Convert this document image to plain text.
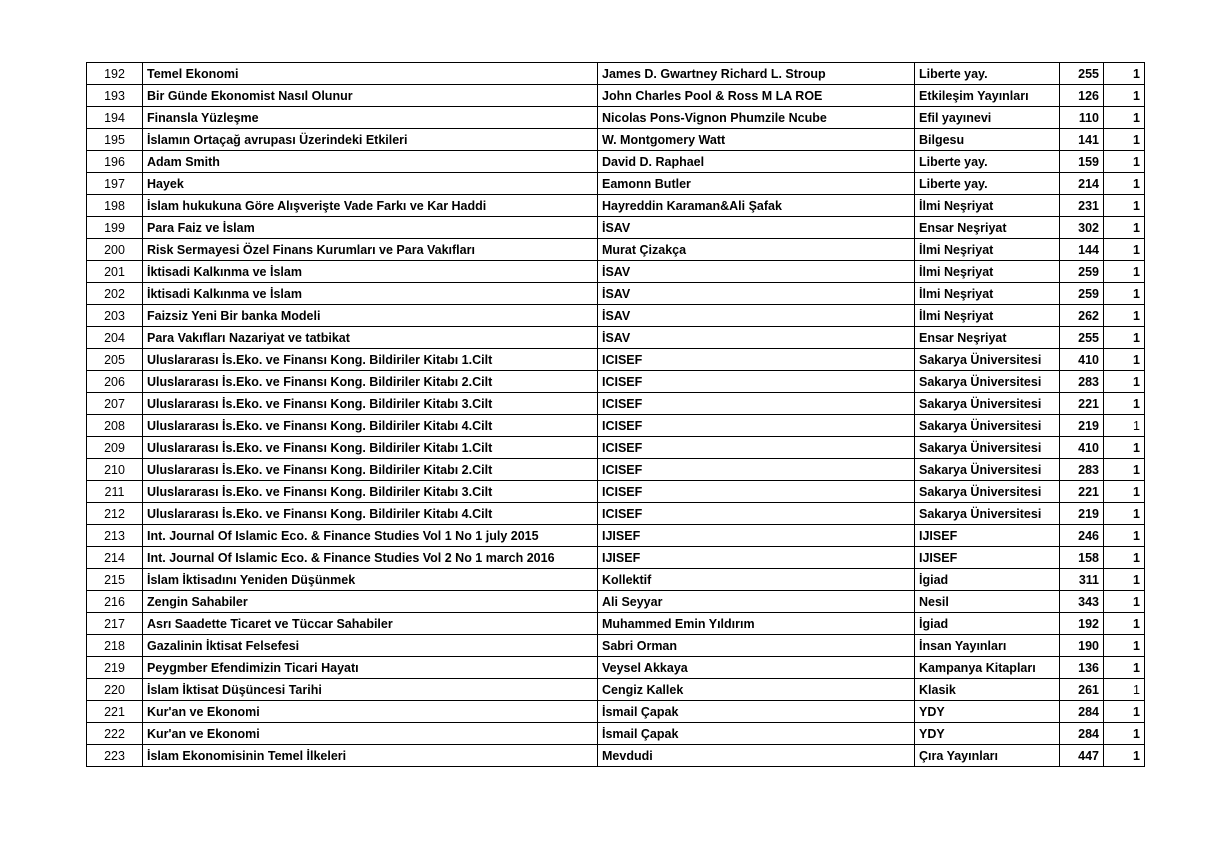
192	Temel Ekonomi	James D. Gwartney Richard L. Stroup	Liberte yay.	255	1
193	Bir Günde Ekonomist Nasıl Olunur	John Charles Pool & Ross M LA ROE	Etkileşim Yayınları	126	1
194	Finansla Yüzleşme	Nicolas Pons-Vignon Phumzile Ncube	Efil yayınevi	110	1
195	İslamın Ortaçağ avrupası Üzerindeki Etkileri	W. Montgomery Watt	Bilgesu	141	1
196	Adam Smith	David D. Raphael	Liberte yay.	159	1
197	Hayek	Eamonn Butler	Liberte yay.	214	1
198	İslam hukukuna Göre Alışverişte Vade Farkı ve Kar Haddi	Hayreddin Karaman&Ali Şafak	İlmi Neşriyat	231	1
199	Para Faiz ve İslam	İSAV	Ensar Neşriyat	302	1
200	Risk Sermayesi Özel Finans Kurumları ve Para Vakıfları	Murat Çizakça	İlmi Neşriyat	144	1
201	İktisadi Kalkınma ve İslam	İSAV	İlmi Neşriyat	259	1
202	İktisadi Kalkınma ve İslam	İSAV	İlmi Neşriyat	259	1
203	Faizsiz Yeni Bir banka Modeli	İSAV	İlmi Neşriyat	262	1
204	Para Vakıfları Nazariyat ve tatbikat	İSAV	Ensar Neşriyat	255	1
205	Uluslararası İs.Eko. ve Finansı Kong. Bildiriler Kitabı 1.Cilt	ICISEF	Sakarya Üniversitesi	410	1
206	Uluslararası İs.Eko. ve Finansı Kong. Bildiriler Kitabı 2.Cilt	ICISEF	Sakarya Üniversitesi	283	1
207	Uluslararası İs.Eko. ve Finansı Kong. Bildiriler Kitabı 3.Cilt	ICISEF	Sakarya Üniversitesi	221	1
208	Uluslararası İs.Eko. ve Finansı Kong. Bildiriler Kitabı 4.Cilt	ICISEF	Sakarya Üniversitesi	219	1
209	Uluslararası İs.Eko. ve Finansı Kong. Bildiriler Kitabı 1.Cilt	ICISEF	Sakarya Üniversitesi	410	1
210	Uluslararası İs.Eko. ve Finansı Kong. Bildiriler Kitabı 2.Cilt	ICISEF	Sakarya Üniversitesi	283	1
211	Uluslararası İs.Eko. ve Finansı Kong. Bildiriler Kitabı 3.Cilt	ICISEF	Sakarya Üniversitesi	221	1
212	Uluslararası İs.Eko. ve Finansı Kong. Bildiriler Kitabı 4.Cilt	ICISEF	Sakarya Üniversitesi	219	1
213	Int. Journal Of Islamic Eco. & Finance Studies Vol 1 No 1 july 2015	IJISEF	IJISEF	246	1
214	Int. Journal Of Islamic Eco. & Finance Studies Vol 2 No 1 march 2016	IJISEF	IJISEF	158	1
215	İslam İktisadını Yeniden Düşünmek	Kollektif	İgiad	311	1
216	Zengin Sahabiler	Ali Seyyar	Nesil	343	1
217	Asrı Saadette Ticaret ve Tüccar Sahabiler	Muhammed Emin Yıldırım	İgiad	192	1
218	Gazalinin İktisat Felsefesi	Sabri Orman	İnsan Yayınları	190	1
219	Peygmber Efendimizin Ticari Hayatı	Veysel Akkaya	Kampanya Kitapları	136	1
220	İslam İktisat Düşüncesi Tarihi	Cengiz Kallek	Klasik	261	1
221	Kur'an ve Ekonomi	İsmail Çapak	YDY	284	1
222	Kur'an ve Ekonomi	İsmail Çapak	YDY	284	1
223	İslam Ekonomisinin Temel İlkeleri	Mevdudi	Çıra Yayınları	447	1
